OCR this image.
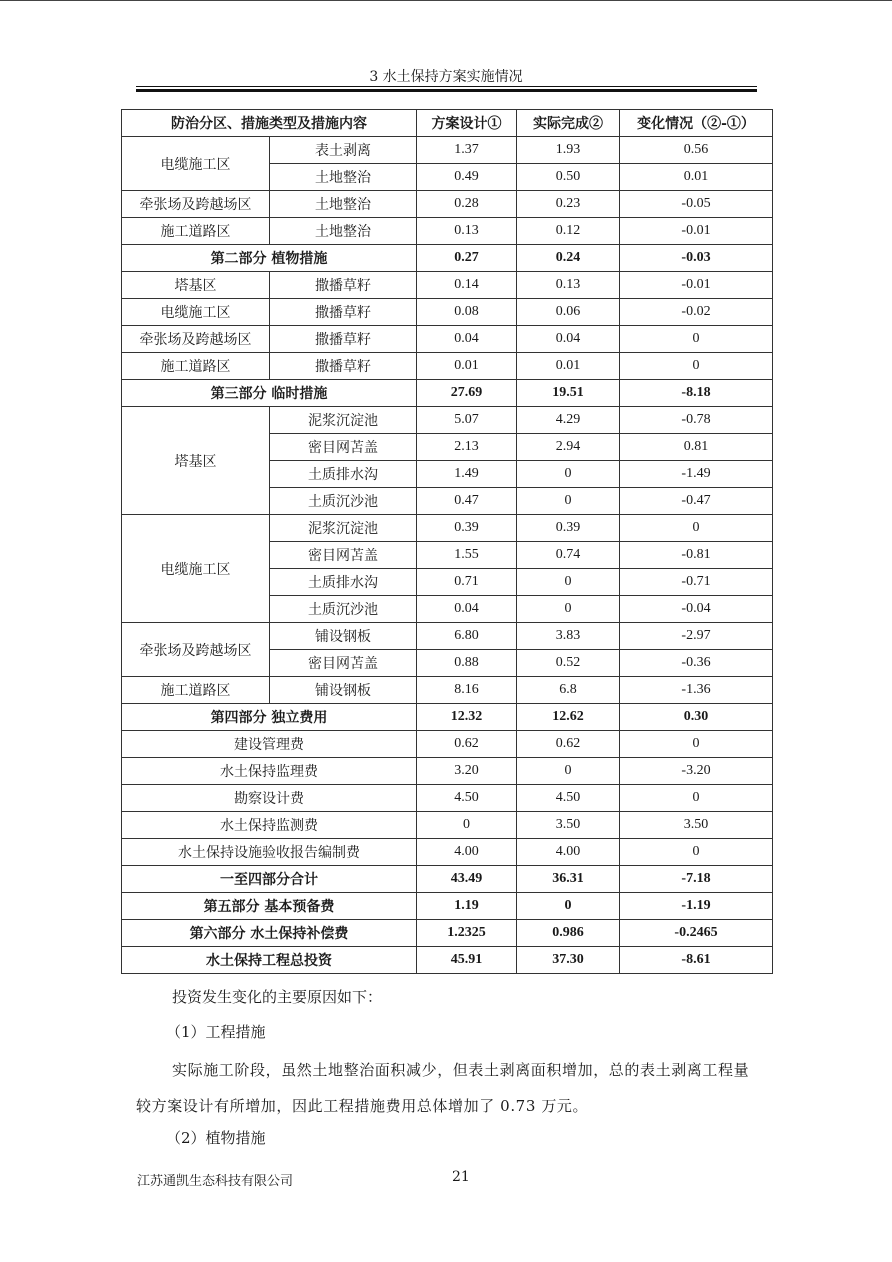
3 水土保持方案实施情况
防治分区、措施类型及措施内容		方案设计①	实际完成②	变化情况（②-①）
电缆施工区	表土剥离	1.37	1.93	0.56
	土地整治	0.49	0.50	0.01
牵张场及跨越场区	土地整治	0.28	0.23	-0.05
施工道路区	土地整治	0.13	0.12	-0.01
第二部分 植物措施		0.27	0.24	-0.03
塔基区	撒播草籽	0.14	0.13	-0.01
电缆施工区	撒播草籽	0.08	0.06	-0.02
牵张场及跨越场区	撒播草籽	0.04	0.04	0
施工道路区	撒播草籽	0.01	0.01	0
第三部分 临时措施		27.69	19.51	-8.18
塔基区	泥浆沉淀池	5.07	4.29	-0.78
	密目网苫盖	2.13	2.94	0.81
	土质排水沟	1.49	0	-1.49
	土质沉沙池	0.47	0	-0.47
电缆施工区	泥浆沉淀池	0.39	0.39	0
	密目网苫盖	1.55	0.74	-0.81
	土质排水沟	0.71	0	-0.71
	土质沉沙池	0.04	0	-0.04
牵张场及跨越场区	铺设钢板	6.80	3.83	-2.97
	密目网苫盖	0.88	0.52	-0.36
施工道路区	铺设钢板	8.16	6.8	-1.36
第四部分 独立费用		12.32	12.62	0.30
建设管理费		0.62	0.62	0
水土保持监理费		3.20	0	-3.20
勘察设计费		4.50	4.50	0
水土保持监测费		0	3.50	3.50
水土保持设施验收报告编制费		4.00	4.00	0
一至四部分合计		43.49	36.31	-7.18
第五部分 基本预备费		1.19	0	-1.19
第六部分 水土保持补偿费		1.2325	0.986	-0.2465
水土保持工程总投资		45.91	37.30	-8.61
投资发生变化的主要原因如下：
（1）工程措施
实际施工阶段，虽然土地整治面积减少，但表土剥离面积增加，总的表土剥离工程量较方案设计有所增加，因此工程措施费用总体增加了 0.73 万元。
（2）植物措施
江苏通凯生态科技有限公司	21
